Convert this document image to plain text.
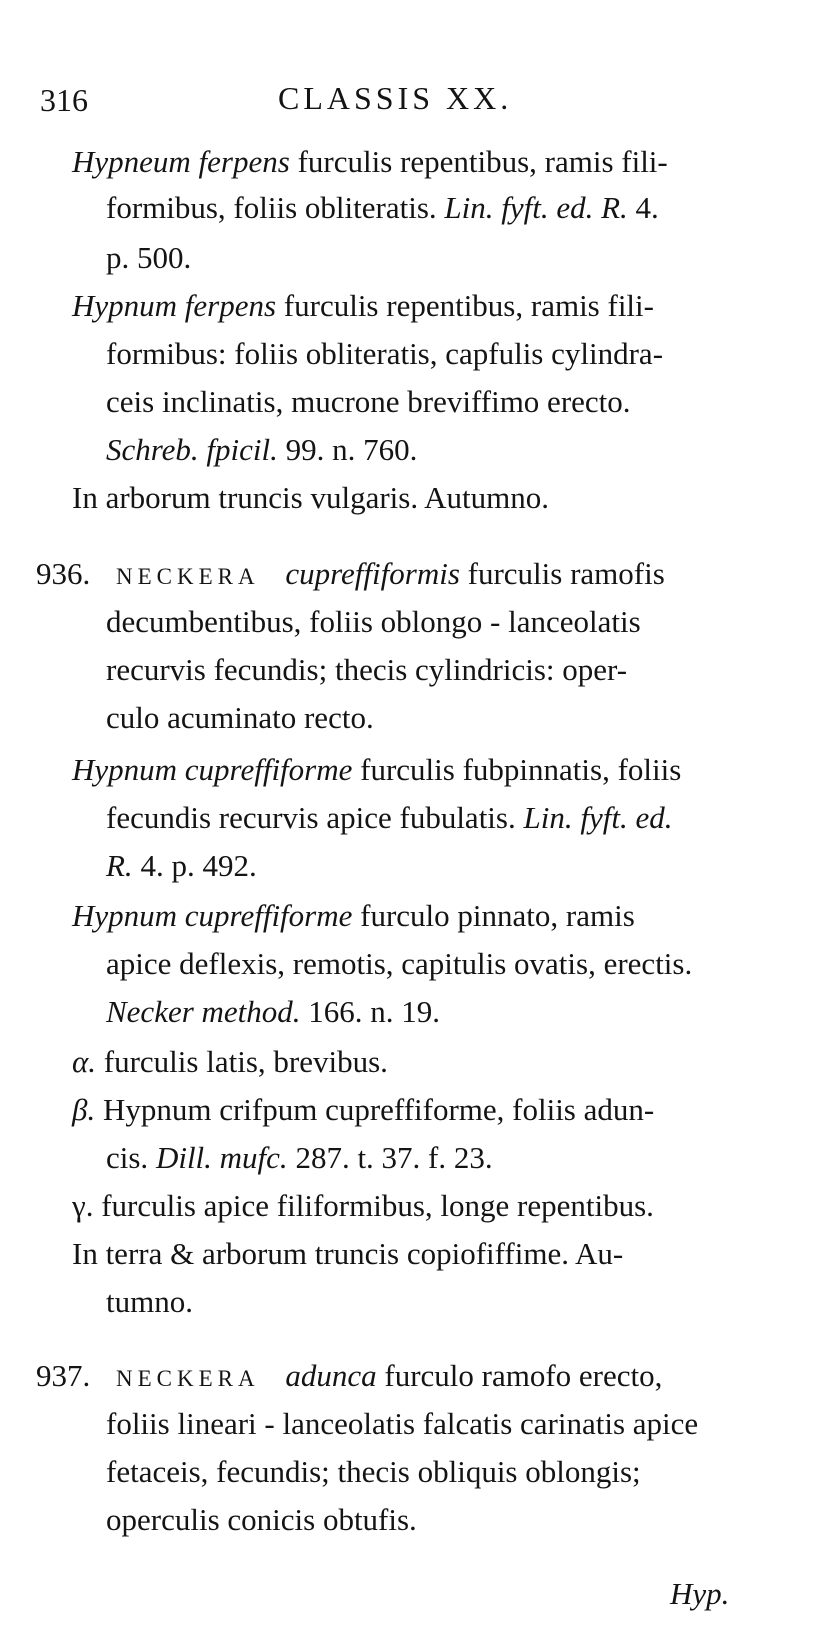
316	CLASSIS XX.
Hypneum ferpens furculis repentibus, ramis fili-
formibus, foliis obliteratis. Lin. fyft. ed. R. 4.
p. 500.
Hypnum ferpens furculis repentibus, ramis fili-
formibus: foliis obliteratis, capfulis cylindra-
ceis inclinatis, mucrone breviffimo erecto.
Schreb. fpicil. 99. n. 760.
In arborum truncis vulgaris. Autumno.
936. NECKERA cupreffiformis furculis ramofis
decumbentibus, foliis oblongo - lanceolatis
recurvis fecundis; thecis cylindricis: oper-
culo acuminato recto.
Hypnum cupreffiforme furculis fubpinnatis, foliis
fecundis recurvis apice fubulatis. Lin. fyft. ed.
R. 4. p. 492.
Hypnum cupreffiforme furculo pinnato, ramis
apice deflexis, remotis, capitulis ovatis, erectis.
Necker method. 166. n. 19.
α. furculis latis, brevibus.
β. Hypnum crifpum cupreffiforme, foliis adun-
cis. Dill. mufc. 287. t. 37. f. 23.
γ. furculis apice filiformibus, longe repentibus.
In terra & arborum truncis copiofiffime. Au-
tumno.
937. NECKERA adunca furculo ramofo erecto,
foliis lineari - lanceolatis falcatis carinatis apice
fetaceis, fecundis; thecis obliquis oblongis;
operculis conicis obtufis.
Hyp.
